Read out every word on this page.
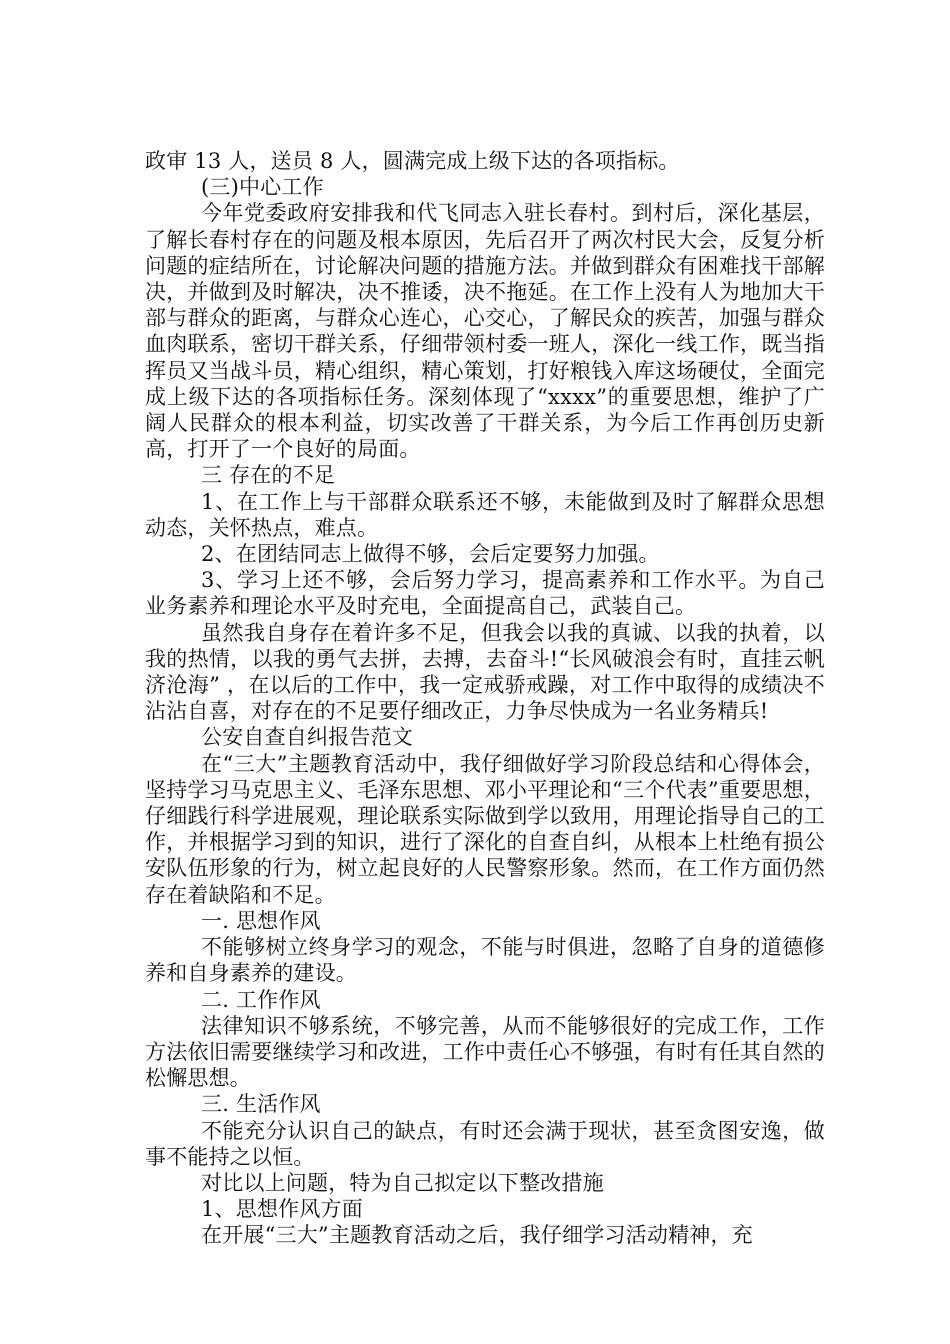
政审 13 人，送员 8 人，圆满完成上级下达的各项指标。

(三)中心工作

今年党委政府安排我和代飞同志入驻长春村。到村后，深化基层，了解长春村存在的问题及根本原因，先后召开了两次村民大会，反复分析问题的症结所在，讨论解决问题的措施方法。并做到群众有困难找干部解决，并做到及时解决，决不推诿，决不拖延。在工作上没有人为地加大干部与群众的距离，与群众心连心，心交心，了解民众的疾苦，加强与群众血肉联系，密切干群关系，仔细带领村委一班人，深化一线工作，既当指挥员又当战斗员，精心组织，精心策划，打好粮钱入库这场硬仗，全面完成上级下达的各项指标任务。深刻体现了“xxxx”的重要思想，维护了广阔人民群众的根本利益，切实改善了干群关系，为今后工作再创历史新高，打开了一个良好的局面。

三 存在的不足

1、在工作上与干部群众联系还不够，未能做到及时了解群众思想动态，关怀热点，难点。

2、在团结同志上做得不够，会后定要努力加强。

3、学习上还不够，会后努力学习，提高素养和工作水平。为自己业务素养和理论水平及时充电，全面提高自己，武装自己。

虽然我自身存在着许多不足，但我会以我的真诚、以我的执着，以我的热情，以我的勇气去拼，去搏，去奋斗!“长风破浪会有时，直挂云帆济沧海” ，在以后的工作中，我一定戒骄戒躁，对工作中取得的成绩决不沾沾自喜，对存在的不足要仔细改正，力争尽快成为一名业务精兵!

公安自查自纠报告范文

在“三大”主题教育活动中，我仔细做好学习阶段总结和心得体会，坚持学习马克思主义、毛泽东思想、邓小平理论和“三个代表”重要思想，仔细践行科学进展观，理论联系实际做到学以致用，用理论指导自己的工作，并根据学习到的知识，进行了深化的自查自纠，从根本上杜绝有损公安队伍形象的行为，树立起良好的人民警察形象。然而，在工作方面仍然存在着缺陷和不足。

一. 思想作风

不能够树立终身学习的观念，不能与时俱进，忽略了自身的道德修养和自身素养的建设。

二. 工作作风

法律知识不够系统，不够完善，从而不能够很好的完成工作，工作方法依旧需要继续学习和改进，工作中责任心不够强，有时有任其自然的松懈思想。

三. 生活作风

不能充分认识自己的缺点，有时还会满于现状，甚至贪图安逸，做事不能持之以恒。

对比以上问题，特为自己拟定以下整改措施

1、思想作风方面

在开展“三大”主题教育活动之后，我仔细学习活动精神，充
